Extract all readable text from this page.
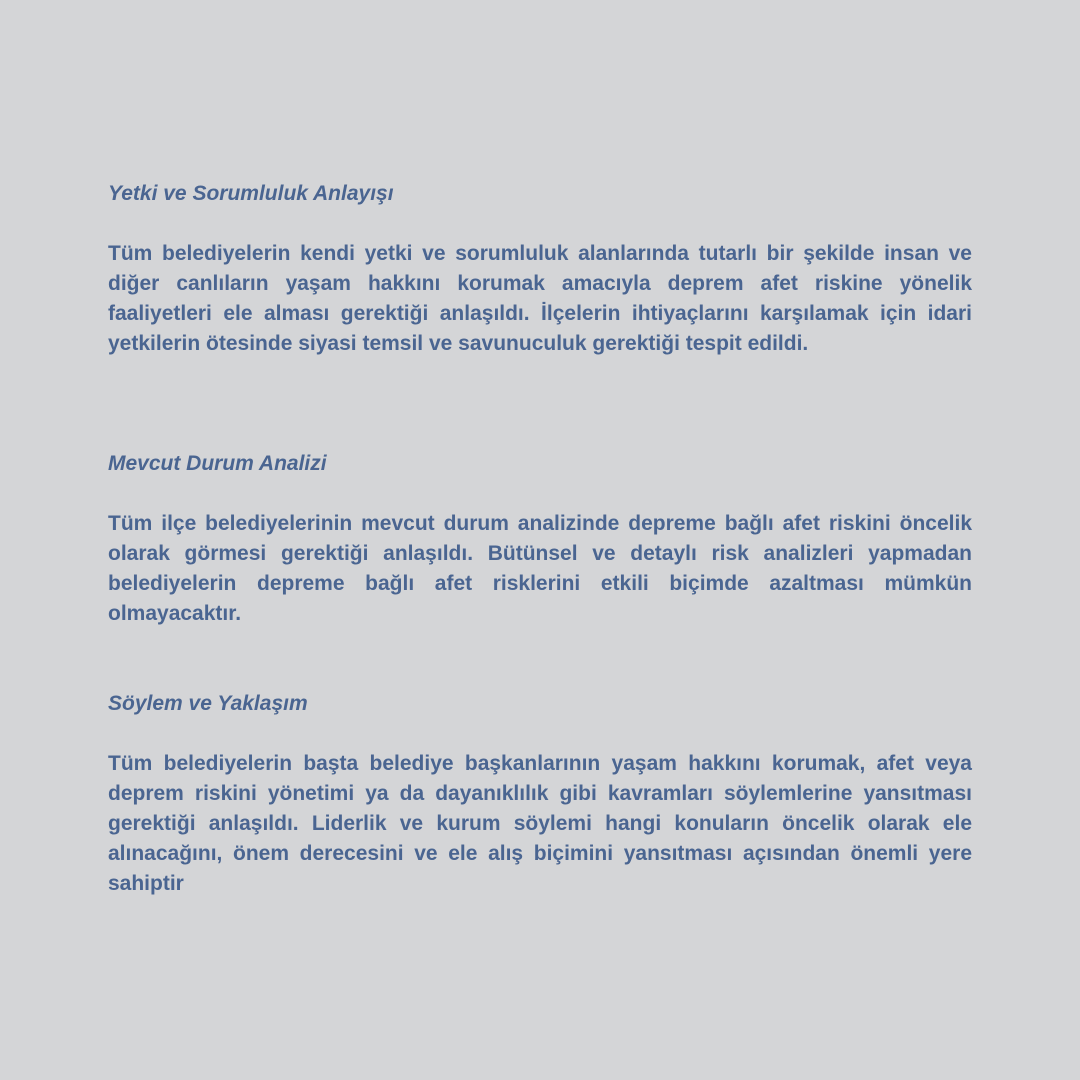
Yetki ve Sorumluluk Anlayışı

Tüm belediyelerin kendi yetki ve sorumluluk alanlarında tutarlı bir şekilde insan ve diğer canlıların yaşam hakkını korumak amacıyla deprem afet riskine yönelik faaliyetleri ele alması gerektiği anlaşıldı. İlçelerin ihtiyaçlarını karşılamak için idari yetkilerin ötesinde siyasi temsil ve savunuculuk gerektiği tespit edildi.

Mevcut Durum Analizi

Tüm ilçe belediyelerinin mevcut durum analizinde depreme bağlı afet riskini öncelik olarak görmesi gerektiği anlaşıldı. Bütünsel ve detaylı risk analizleri yapmadan belediyelerin depreme bağlı afet risklerini etkili biçimde azaltması mümkün olmayacaktır.

Söylem ve Yaklaşım

Tüm belediyelerin başta belediye başkanlarının yaşam hakkını korumak, afet veya deprem riskini yönetimi ya da dayanıklılık gibi kavramları söylemlerine yansıtması gerektiği anlaşıldı. Liderlik ve kurum söylemi hangi konuların öncelik olarak ele alınacağını, önem derecesini ve ele alış biçimini yansıtması açısından önemli yere sahiptir
